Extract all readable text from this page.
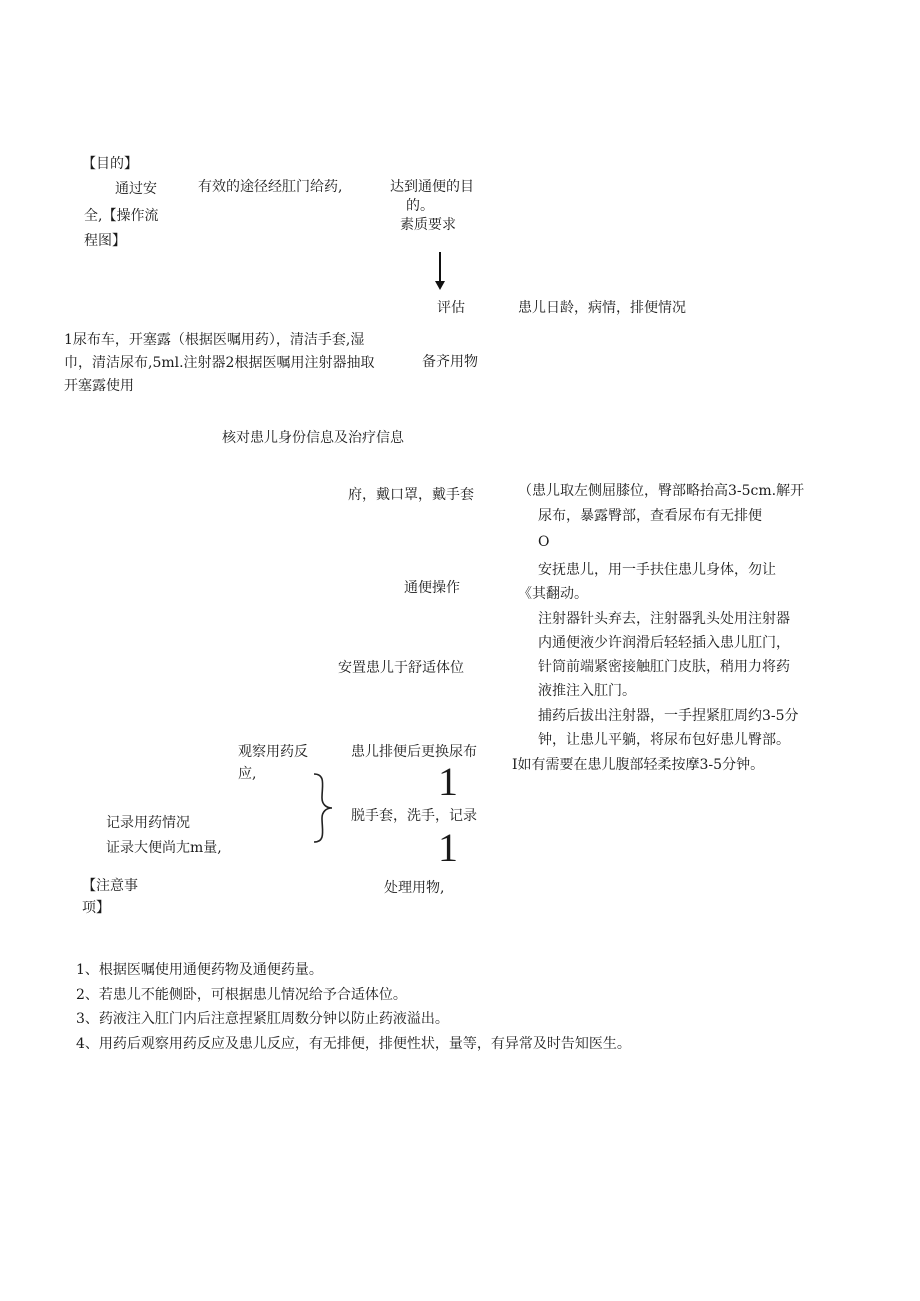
【目的】
通过安	有效的途径经肛门给药,	达到通便的目
的。
全,【操作流
素质要求
程图】
评估	患儿日龄，病情，排便情况
1尿布车，开塞露（根据医嘱用药），清洁手套,湿
巾，清洁尿布,5ml.注射器2根据医嘱用注射器抽取
开塞露使用
备齐用物
核对患儿身份信息及治疗信息
府，戴口罩，戴手套	（患儿取左侧屈膝位，臀部略抬高3-5cm.解开
尿布，暴露臀部，查看尿布有无排便
O
安抚患儿，用一手扶住患儿身体，勿让
《其翻动。
注射器针头弃去，注射器乳头处用注射器
内通便液少许润滑后轻轻插入患儿肛门，
针筒前端紧密接触肛门皮肤，稍用力将药
液推注入肛门。
捕药后拔出注射器，一手捏紧肛周约3-5分
钟，让患儿平躺，将尿布包好患儿臀部。
I如有需要在患儿腹部轻柔按摩3-5分钟。
通便操作
安置患儿于舒适体位
观察用药反
应,
患儿排便后更换尿布
1
记录用药情况
证录大便尚尢m量,
脱手套，洗手，记录
1
【注意事
项】
处理用物,
1、根据医嘱使用通便药物及通便药量。
2、若患儿不能侧卧，可根据患儿情况给予合适体位。
3、药液注入肛门内后注意捏紧肛周数分钟以防止药液溢出。
4、用药后观察用药反应及患儿反应，有无排便，排便性状，量等，有异常及时告知医生。
